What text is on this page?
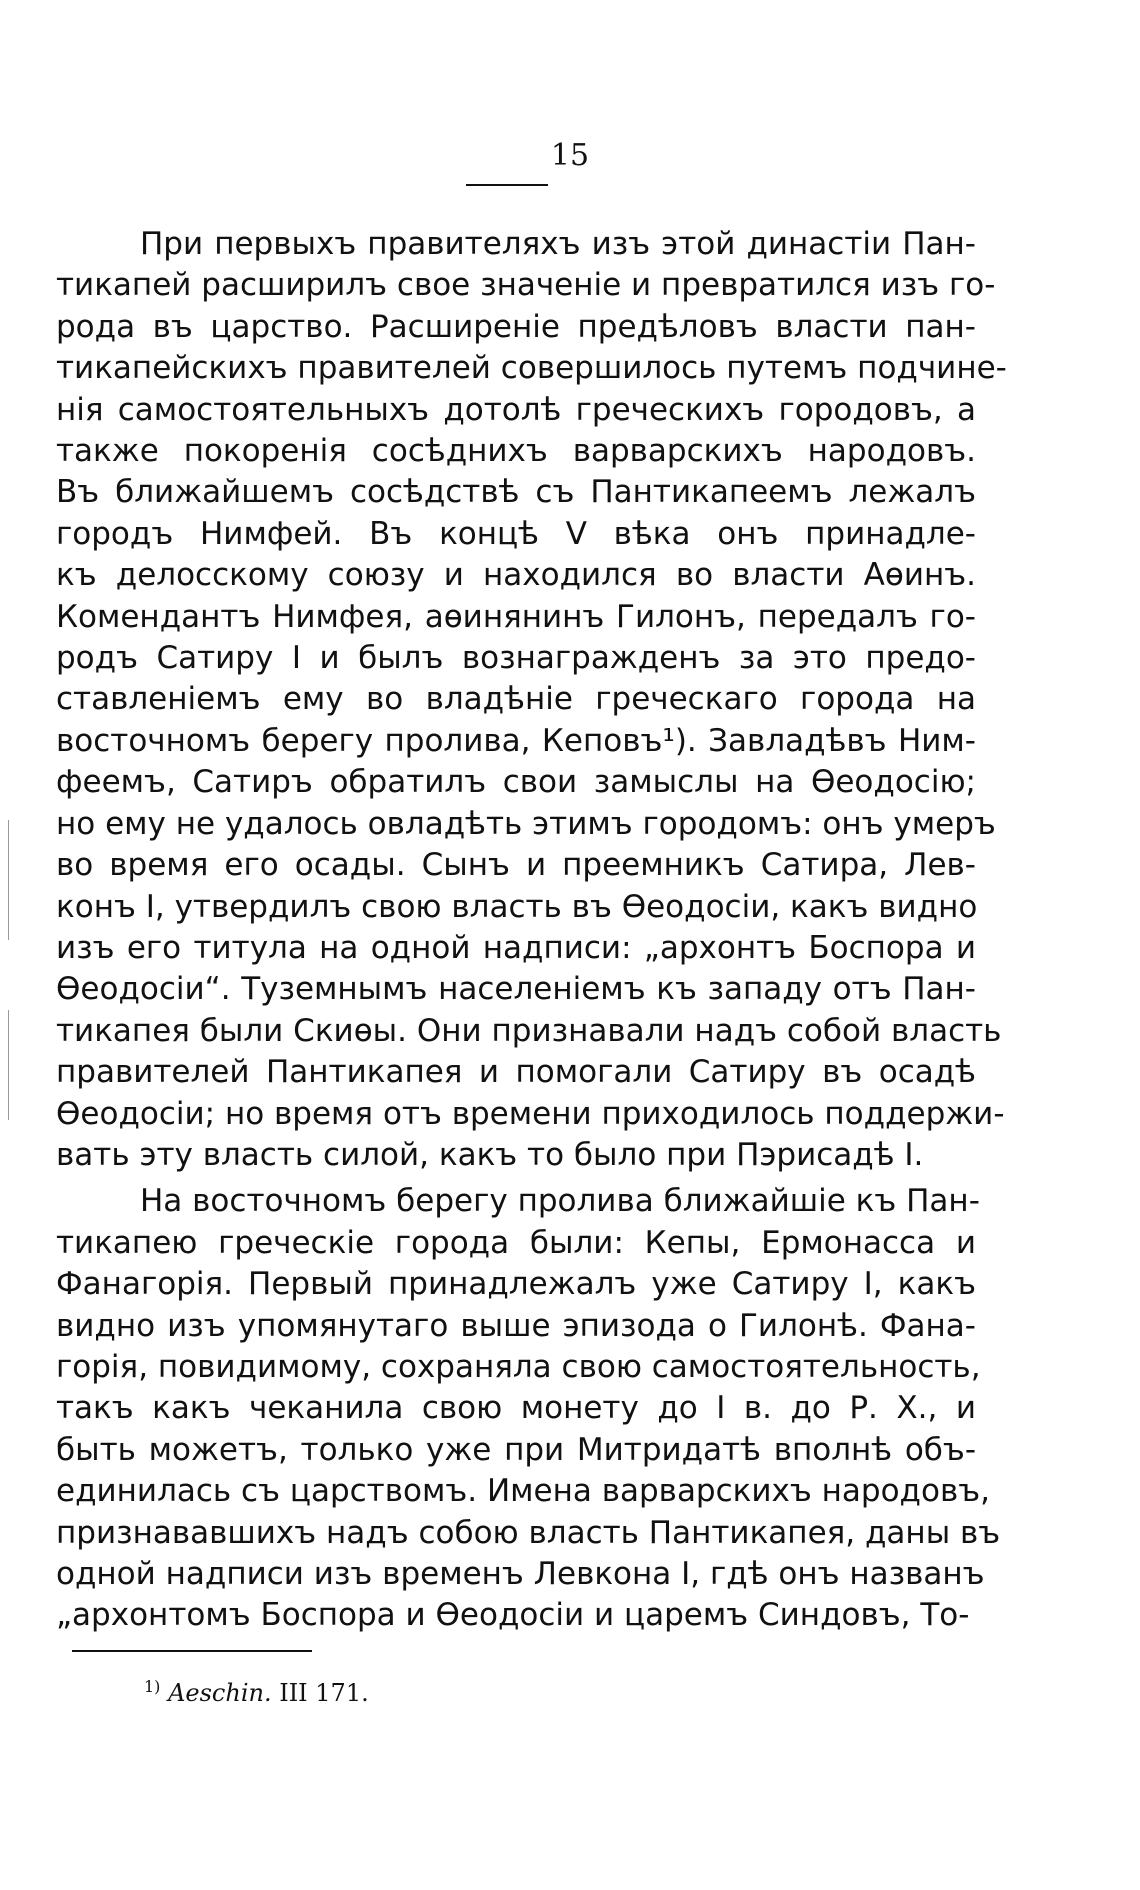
15
При первыхъ правителяхъ изъ этой династіи Пан-
тикапей расширилъ свое значеніе и превратился изъ го-
рода въ царство. Расширеніе предѣловъ власти пан-
тикапейскихъ правителей совершилось путемъ подчине-
нія самостоятельныхъ дотолѣ греческихъ городовъ, а
также покоренія сосѣднихъ варварскихъ народовъ.
Въ ближайшемъ сосѣдствѣ съ Пантикапеемъ лежалъ
городъ Нимфей. Въ концѣ V вѣка онъ принадле-
къ делосскому союзу и находился во власти Аѳинъ.
Комендантъ Нимфея, аѳинянинъ Гилонъ, передалъ го-
родъ Сатиру I и былъ вознагражденъ за это предо-
ставленіемъ ему во владѣніе греческаго города на
восточномъ берегу пролива, Кеповъ¹). Завладѣвъ Ним-
феемъ, Сатиръ обратилъ свои замыслы на Ѳеодосію;
но ему не удалось овладѣть этимъ городомъ: онъ умеръ
во время его осады. Сынъ и преемникъ Сатира, Лев-
конъ I, утвердилъ свою власть въ Ѳеодосіи, какъ видно
изъ его титула на одной надписи: „архонтъ Боспора и
Ѳеодосіи“. Туземнымъ населеніемъ къ западу отъ Пан-
тикапея были Скиѳы. Они признавали надъ собой власть
правителей Пантикапея и помогали Сатиру въ осадѣ
Ѳеодосіи; но время отъ времени приходилось поддержи-
вать эту власть силой, какъ то было при Пэрисадѣ I.
На восточномъ берегу пролива ближайшіе къ Пан-
тикапею греческіе города были: Кепы, Ермонасса и
Фанагорія. Первый принадлежалъ уже Сатиру I, какъ
видно изъ упомянутаго выше эпизода о Гилонѣ. Фана-
горія, повидимому, сохраняла свою самостоятельность,
такъ какъ чеканила свою монету до I в. до Р. Х., и
быть можетъ, только уже при Митридатѣ вполнѣ объ-
единилась съ царствомъ. Имена варварскихъ народовъ,
признававшихъ надъ собою власть Пантикапея, даны въ
одной надписи изъ временъ Левкона I, гдѣ онъ названъ
„архонтомъ Боспора и Ѳеодосіи и царемъ Синдовъ, То-
$^{1)}$ Aeschin. III 171.
